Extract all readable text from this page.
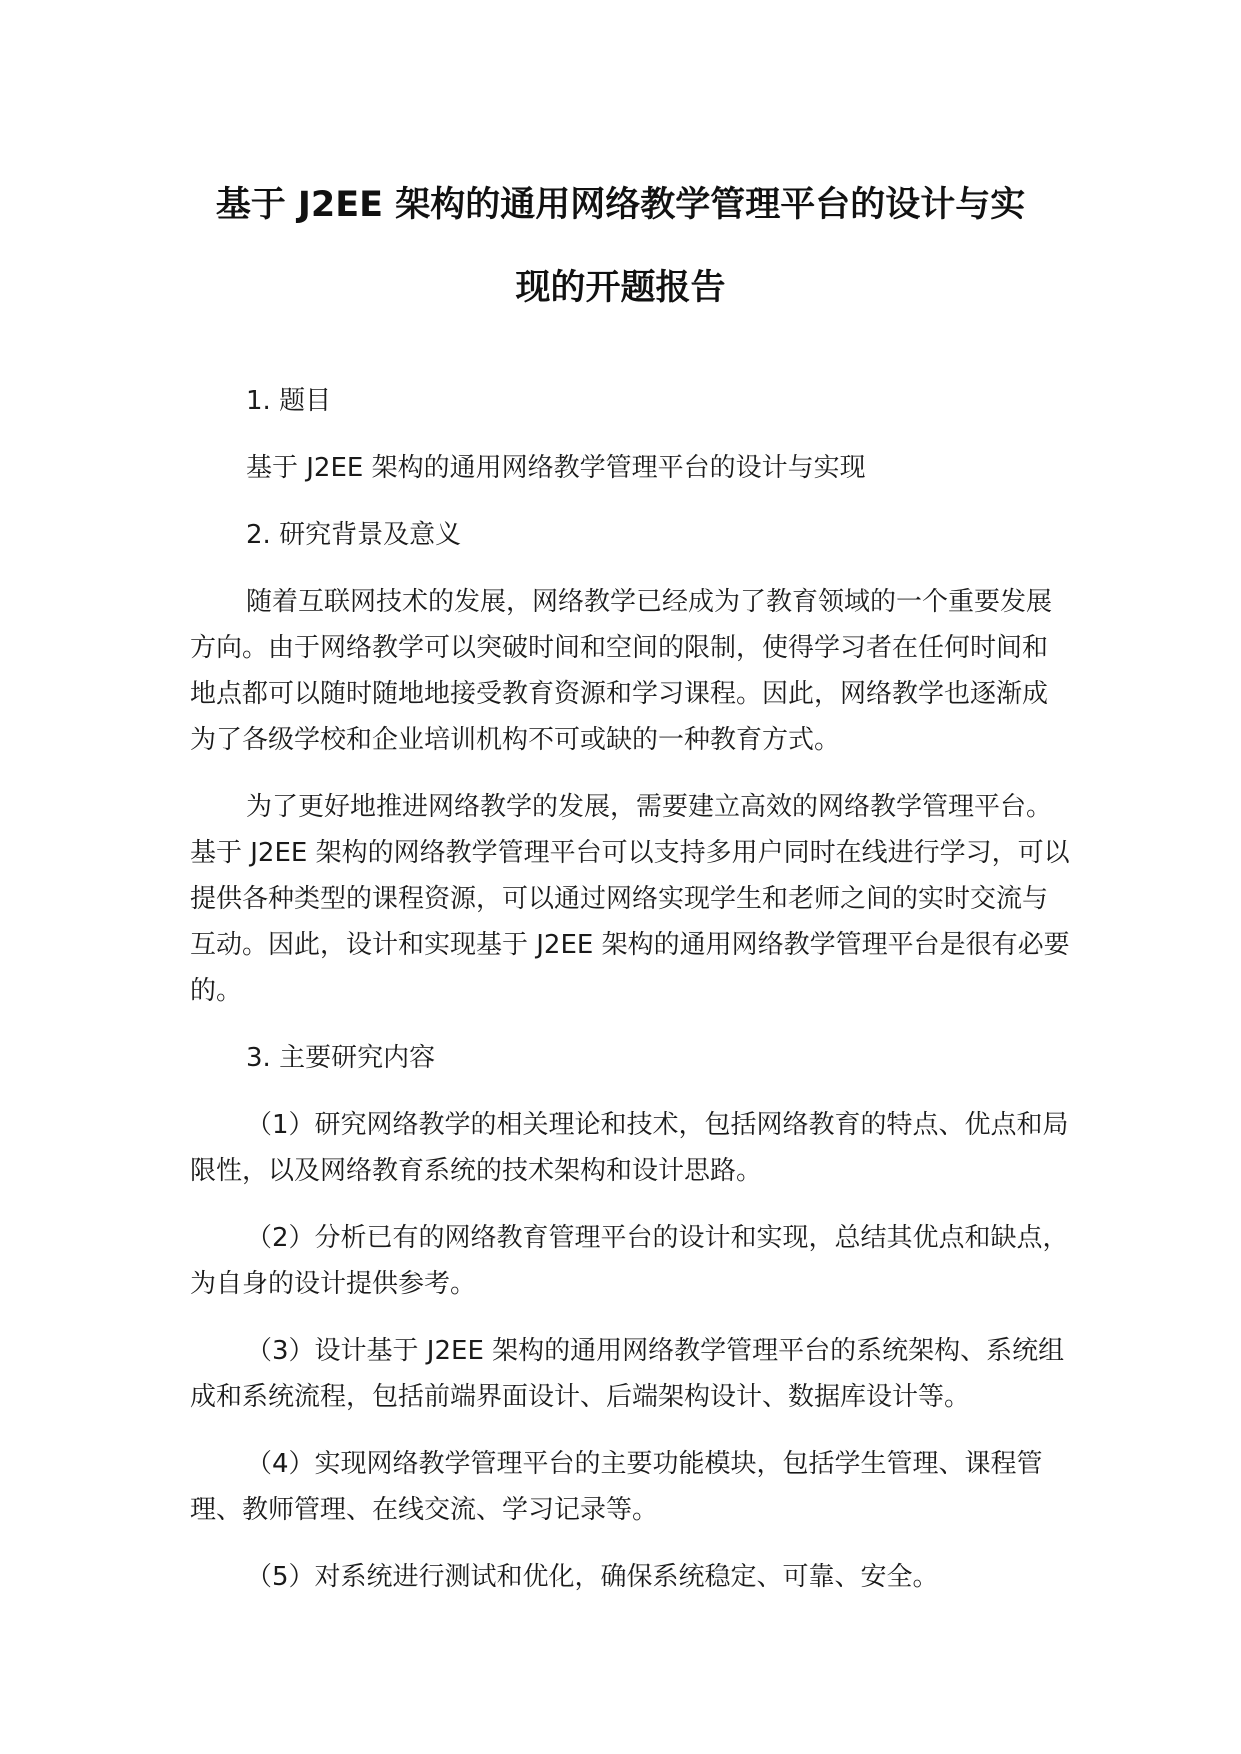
基于 J2EE 架构的通用网络教学管理平台的设计与实
现的开题报告

1. 题目

基于 J2EE 架构的通用网络教学管理平台的设计与实现

2. 研究背景及意义

随着互联网技术的发展，网络教学已经成为了教育领域的一个重要发展方向。由于网络教学可以突破时间和空间的限制，使得学习者在任何时间和地点都可以随时随地地接受教育资源和学习课程。因此，网络教学也逐渐成为了各级学校和企业培训机构不可或缺的一种教育方式。

为了更好地推进网络教学的发展，需要建立高效的网络教学管理平台。基于 J2EE 架构的网络教学管理平台可以支持多用户同时在线进行学习，可以提供各种类型的课程资源，可以通过网络实现学生和老师之间的实时交流与互动。因此，设计和实现基于 J2EE 架构的通用网络教学管理平台是很有必要的。

3. 主要研究内容

（1）研究网络教学的相关理论和技术，包括网络教育的特点、优点和局限性，以及网络教育系统的技术架构和设计思路。

（2）分析已有的网络教育管理平台的设计和实现，总结其优点和缺点，为自身的设计提供参考。

（3）设计基于 J2EE 架构的通用网络教学管理平台的系统架构、系统组成和系统流程，包括前端界面设计、后端架构设计、数据库设计等。

（4）实现网络教学管理平台的主要功能模块，包括学生管理、课程管理、教师管理、在线交流、学习记录等。

（5）对系统进行测试和优化，确保系统稳定、可靠、安全。
